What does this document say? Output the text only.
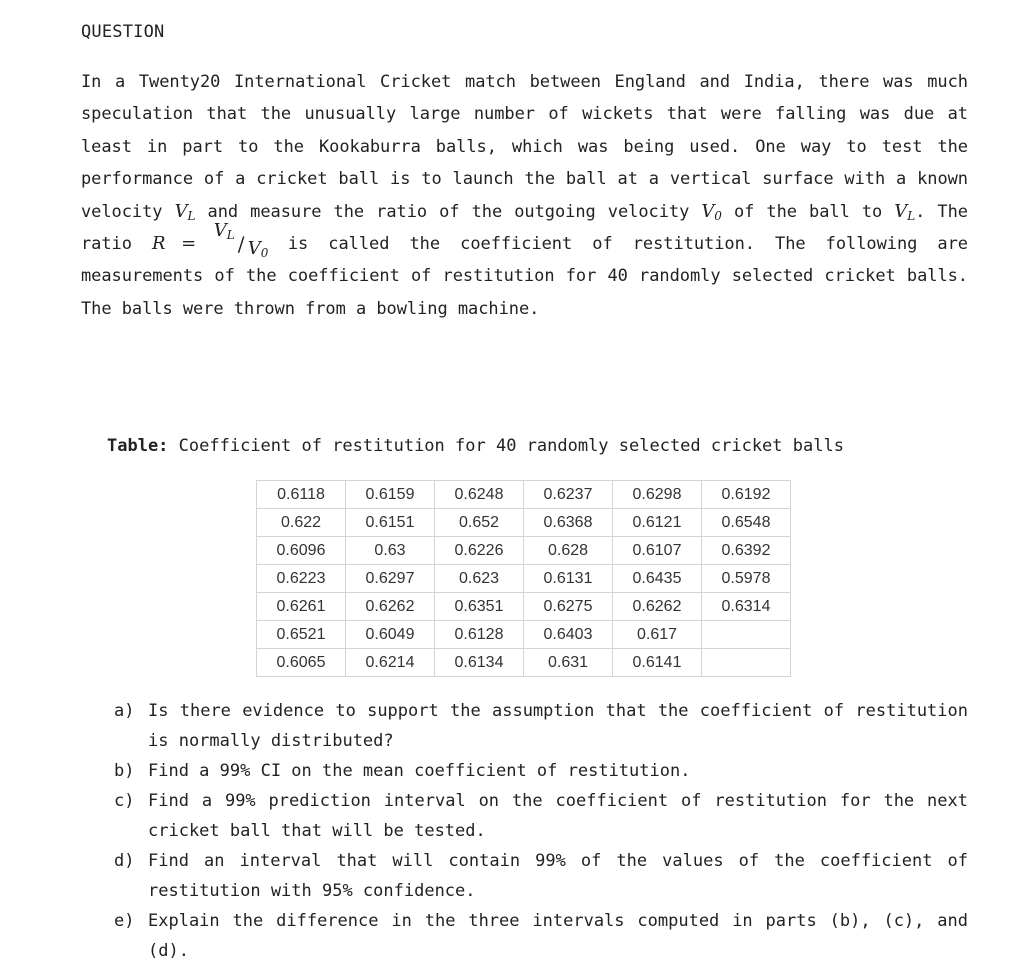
QUESTION
In a Twenty20 International Cricket match between England and India, there was much speculation that the unusually large number of wickets that were falling was due at least in part to the Kookaburra balls, which was being used. One way to test the performance of a cricket ball is to launch the ball at a vertical surface with a known velocity $V_L$ and measure the ratio of the outgoing velocity $V_0$ of the ball to $V_L$. The ratio R =
$V_L / V_0$ is called the coefficient of restitution. The following are measurements of the coefficient of restitution for 40 randomly selected cricket balls. The balls were thrown from a bowling machine.
Table: Coefficient of restitution for 40 randomly selected cricket balls
0.6118	0.6159	0.6248	0.6237	0.6298	0.6192
0.622	0.6151	0.652	0.6368	0.6121	0.6548
0.6096	0.63	0.6226	0.628	0.6107	0.6392
0.6223	0.6297	0.623	0.6131	0.6435	0.5978
0.6261	0.6262	0.6351	0.6275	0.6262	0.6314
0.6521	0.6049	0.6128	0.6403	0.617	
0.6065	0.6214	0.6134	0.631	0.6141	
a) Is there evidence to support the assumption that the coefficient of restitution is normally distributed?
b) Find a 99% CI on the mean coefficient of restitution.
c) Find a 99% prediction interval on the coefficient of restitution for the next cricket ball that will be tested.
d) Find an interval that will contain 99% of the values of the coefficient of restitution with 95% confidence.
e) Explain the difference in the three intervals computed in parts (b), (c), and (d).
